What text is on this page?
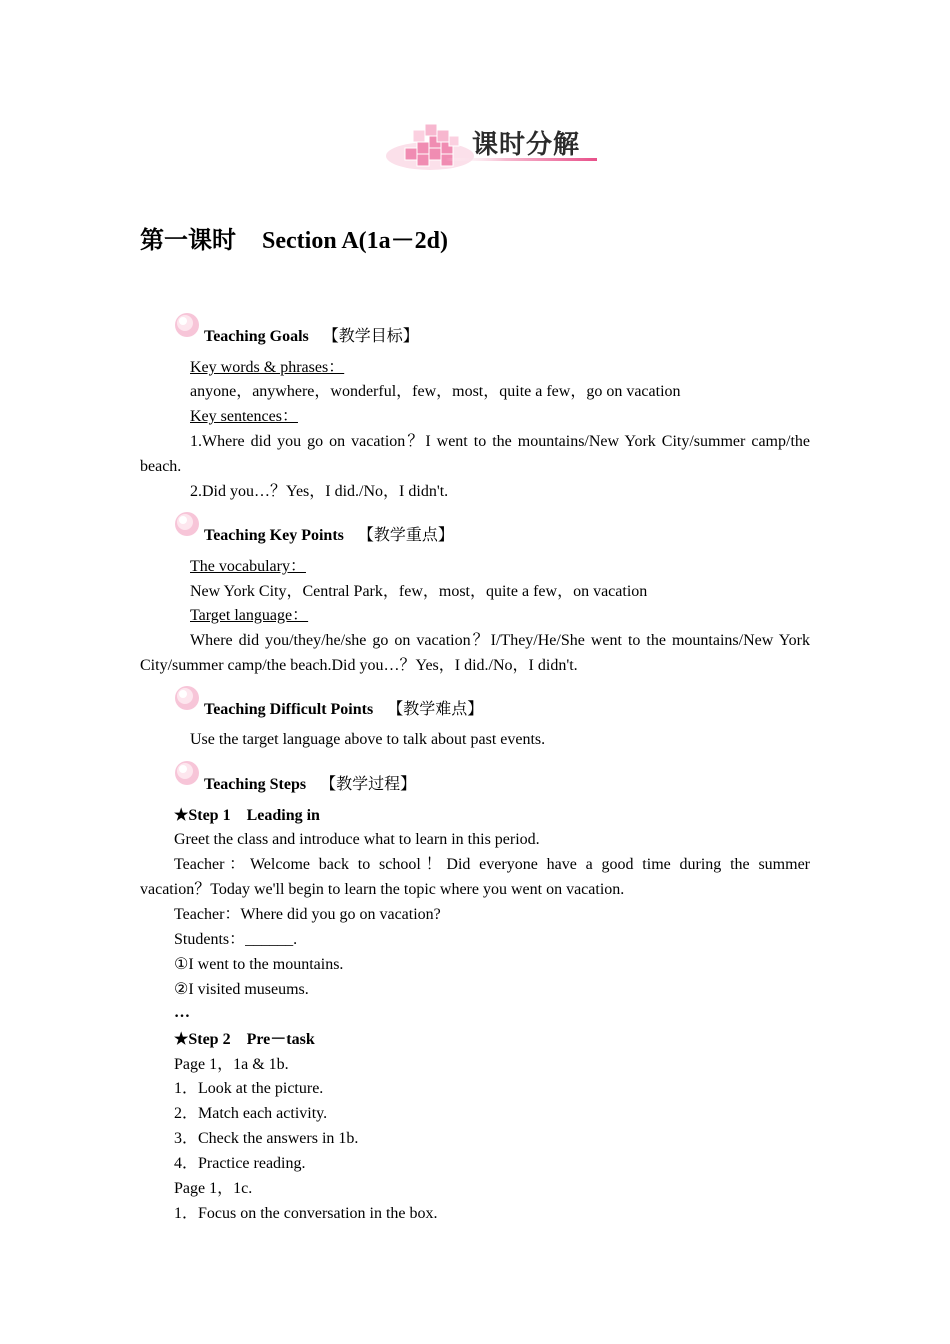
课时分解
第一课时 Section A(1a－2d)
Teaching Goals 【教学目标】
Key words & phrases：
anyone，anywhere，wonderful，few，most，quite a few，go on vacation
Key sentences：
1.Where did you go on vacation？I went to the mountains/New York City/summer camp/the
beach.
2.Did you…？Yes，I did./No，I didn't.
Teaching Key Points 【教学重点】
The vocabulary：
New York City，Central Park，few，most，quite a few，on vacation
Target language：
Where did you/they/he/she go on vacation？I/They/He/She went to the mountains/New York
City/summer camp/the beach.Did you…？Yes，I did./No，I didn't.
Teaching Difficult Points 【教学难点】
Use the target language above to talk about past events.
Teaching Steps 【教学过程】
★Step 1　Leading in
Greet the class and introduce what to learn in this period.
Teacher：Welcome back to school！Did everyone have a good time during the summer
vacation？Today we'll begin to learn the topic where you went on vacation.
Teacher：Where did you go on vacation?
Students：______.
①I went to the mountains.
②I visited museums.
…
★Step 2　Pre－task
Page 1，1a & 1b.
1．Look at the picture.
2．Match each activity.
3．Check the answers in 1b.
4．Practice reading.
Page 1，1c.
1．Focus on the conversation in the box.
